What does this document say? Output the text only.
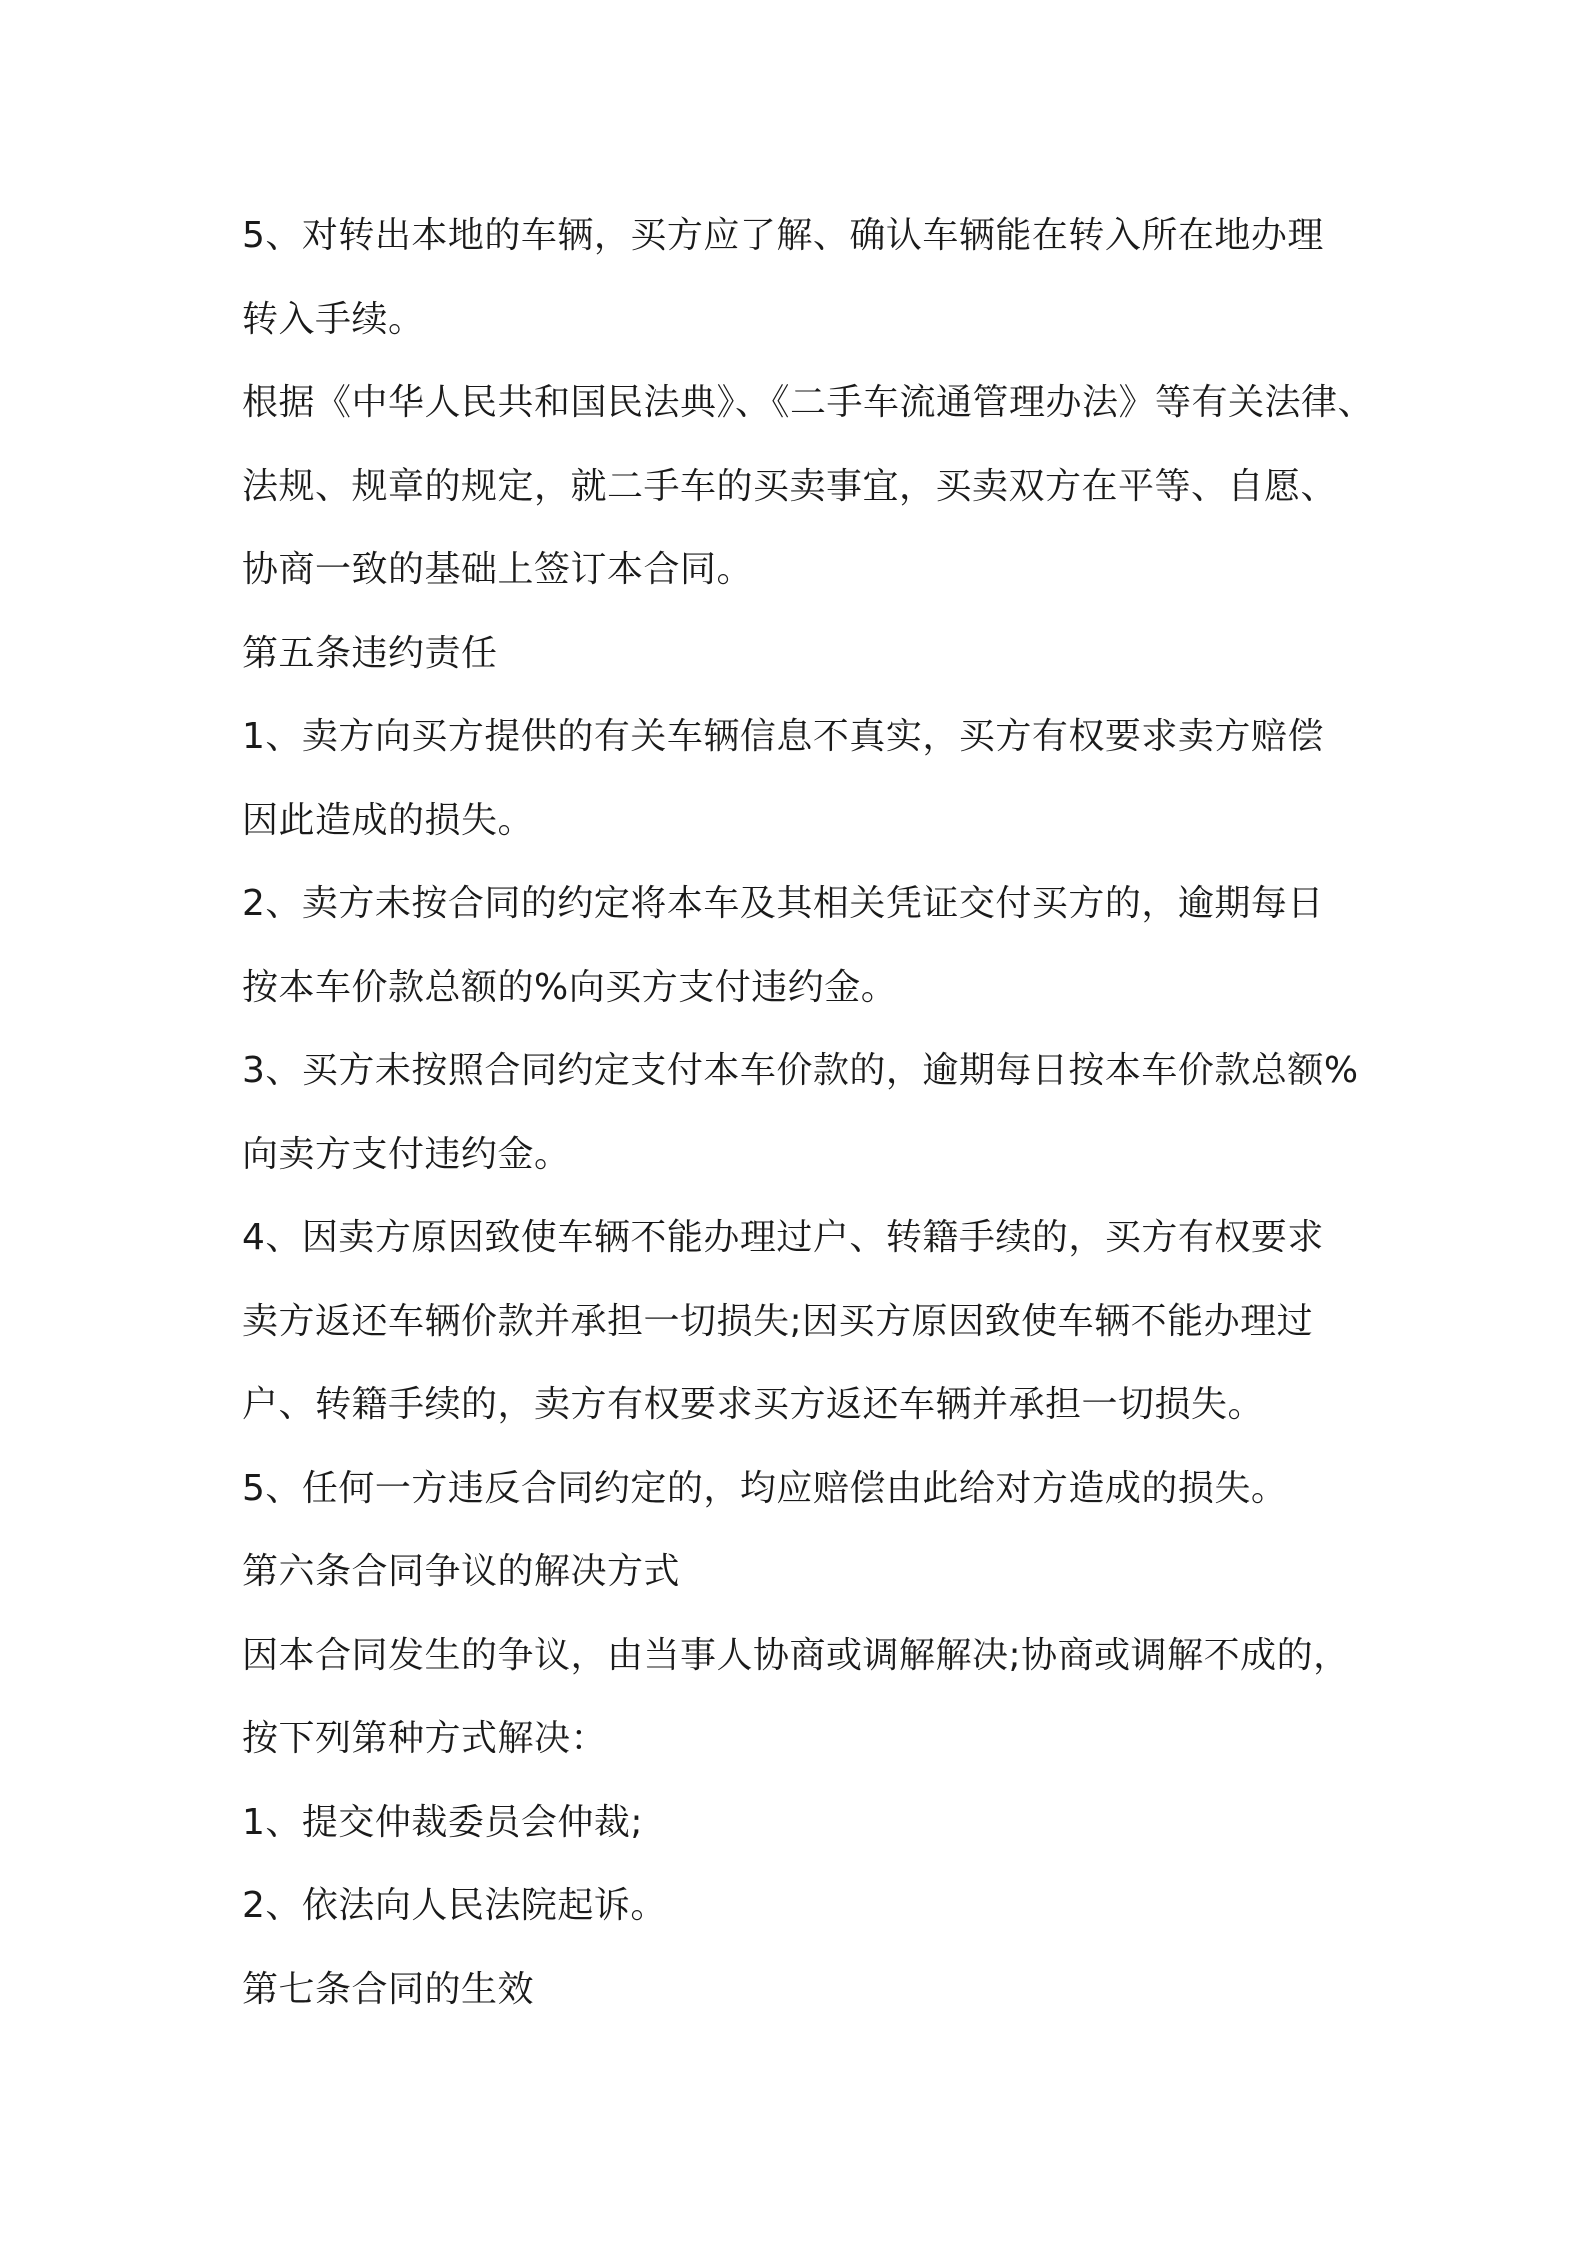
5、对转出本地的车辆，买方应了解、确认车辆能在转入所在地办理
转入手续。
根据《中华人民共和国民法典》、《二手车流通管理办法》等有关法律、
法规、规章的规定，就二手车的买卖事宜，买卖双方在平等、自愿、
协商一致的基础上签订本合同。
第五条违约责任
1、卖方向买方提供的有关车辆信息不真实，买方有权要求卖方赔偿
因此造成的损失。
2、卖方未按合同的约定将本车及其相关凭证交付买方的，逾期每日
按本车价款总额的%向买方支付违约金。
3、买方未按照合同约定支付本车价款的，逾期每日按本车价款总额%
向卖方支付违约金。
4、因卖方原因致使车辆不能办理过户、转籍手续的，买方有权要求
卖方返还车辆价款并承担一切损失;因买方原因致使车辆不能办理过
户、转籍手续的，卖方有权要求买方返还车辆并承担一切损失。
5、任何一方违反合同约定的，均应赔偿由此给对方造成的损失。
第六条合同争议的解决方式
因本合同发生的争议，由当事人协商或调解解决;协商或调解不成的，
按下列第种方式解决：
1、提交仲裁委员会仲裁;
2、依法向人民法院起诉。
第七条合同的生效
